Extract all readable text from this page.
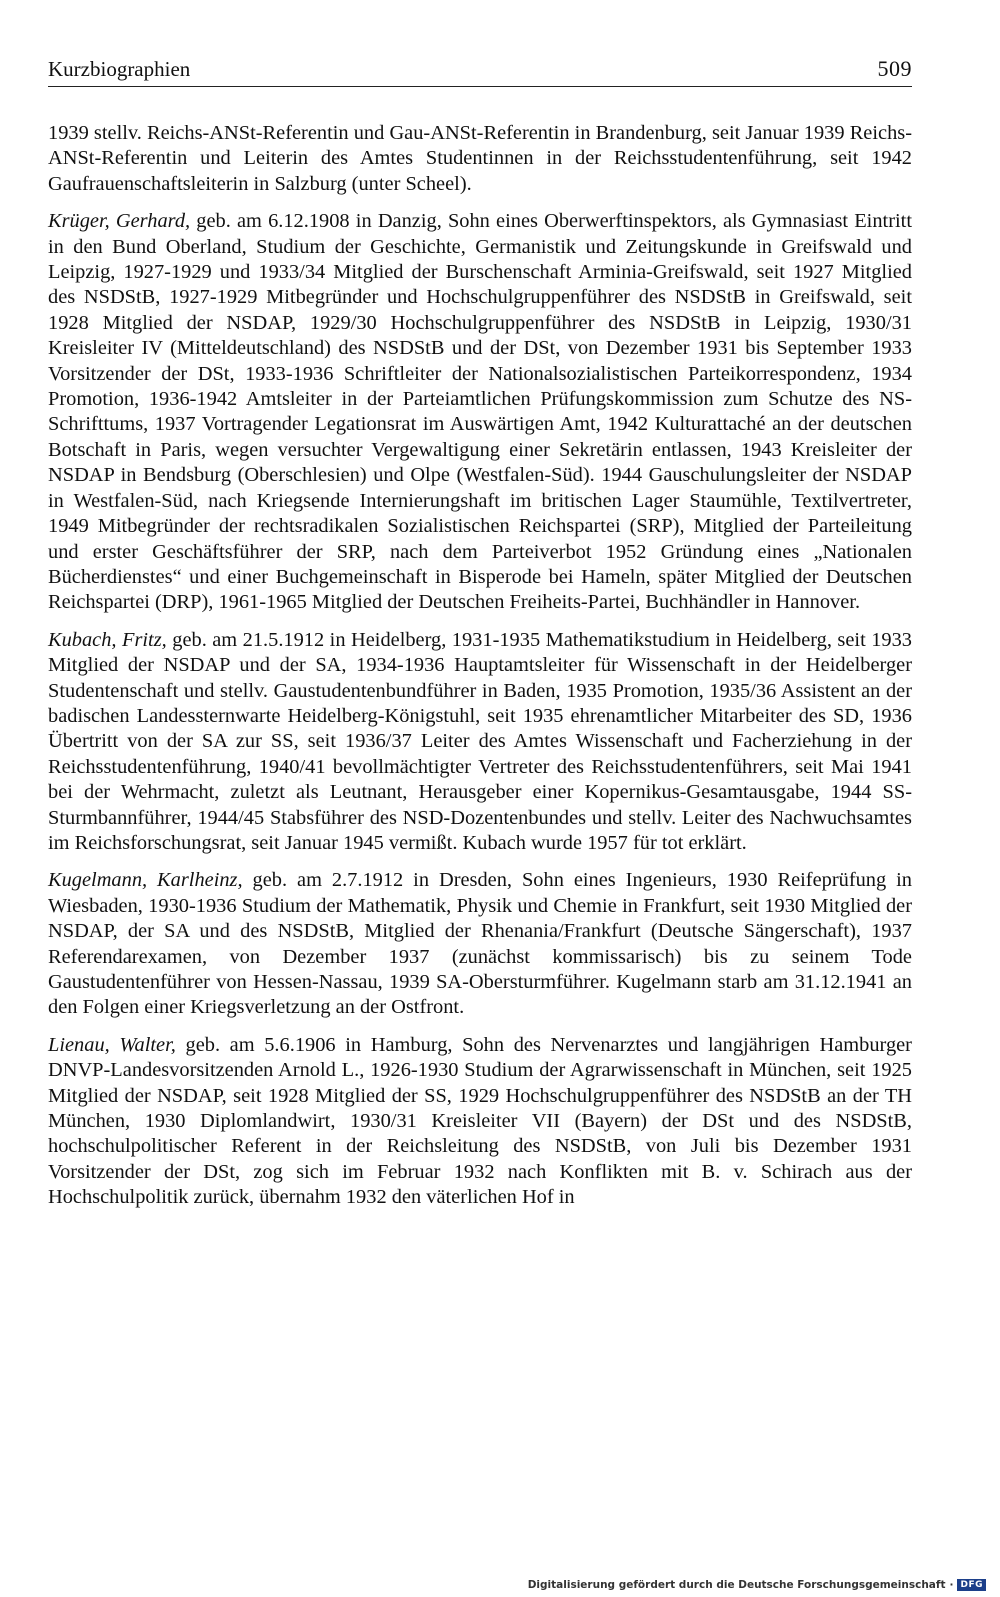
Kurzbiographien	509

1939 stellv. Reichs-ANSt-Referentin und Gau-ANSt-Referentin in Brandenburg, seit Januar 1939 Reichs-ANSt-Referentin und Leiterin des Amtes Studentinnen in der Reichsstudentenführung, seit 1942 Gaufrauenschaftsleiterin in Salzburg (unter Scheel).

Krüger, Gerhard, geb. am 6.12.1908 in Danzig, Sohn eines Oberwerftinspektors, als Gymnasiast Eintritt in den Bund Oberland, Studium der Geschichte, Germanistik und Zeitungskunde in Greifswald und Leipzig, 1927-1929 und 1933/34 Mitglied der Burschenschaft Arminia-Greifswald, seit 1927 Mitglied des NSDStB, 1927-1929 Mitbegründer und Hochschulgruppenführer des NSDStB in Greifswald, seit 1928 Mitglied der NSDAP, 1929/30 Hochschulgruppenführer des NSDStB in Leipzig, 1930/31 Kreisleiter IV (Mitteldeutschland) des NSDStB und der DSt, von Dezember 1931 bis September 1933 Vorsitzender der DSt, 1933-1936 Schriftleiter der Nationalsozialistischen Parteikorrespondenz, 1934 Promotion, 1936-1942 Amtsleiter in der Parteiamtlichen Prüfungskommission zum Schutze des NS-Schrifttums, 1937 Vortragender Legationsrat im Auswärtigen Amt, 1942 Kulturattaché an der deutschen Botschaft in Paris, wegen versuchter Vergewaltigung einer Sekretärin entlassen, 1943 Kreisleiter der NSDAP in Bendsburg (Oberschlesien) und Olpe (Westfalen-Süd). 1944 Gauschulungsleiter der NSDAP in Westfalen-Süd, nach Kriegsende Internierungshaft im britischen Lager Staumühle, Textilvertreter, 1949 Mitbegründer der rechtsradikalen Sozialistischen Reichspartei (SRP), Mitglied der Parteileitung und erster Geschäftsführer der SRP, nach dem Parteiverbot 1952 Gründung eines „Nationalen Bücherdienstes“ und einer Buchgemeinschaft in Bisperode bei Hameln, später Mitglied der Deutschen Reichspartei (DRP), 1961-1965 Mitglied der Deutschen Freiheits-Partei, Buchhändler in Hannover.

Kubach, Fritz, geb. am 21.5.1912 in Heidelberg, 1931-1935 Mathematikstudium in Heidelberg, seit 1933 Mitglied der NSDAP und der SA, 1934-1936 Hauptamtsleiter für Wissenschaft in der Heidelberger Studentenschaft und stellv. Gaustudentenbundführer in Baden, 1935 Promotion, 1935/36 Assistent an der badischen Landessternwarte Heidelberg-Königstuhl, seit 1935 ehrenamtlicher Mitarbeiter des SD, 1936 Übertritt von der SA zur SS, seit 1936/37 Leiter des Amtes Wissenschaft und Facherziehung in der Reichsstudentenführung, 1940/41 bevollmächtigter Vertreter des Reichsstudentenführers, seit Mai 1941 bei der Wehrmacht, zuletzt als Leutnant, Herausgeber einer Kopernikus-Gesamtausgabe, 1944 SS-Sturmbannführer, 1944/45 Stabsführer des NSD-Dozentenbundes und stellv. Leiter des Nachwuchsamtes im Reichsforschungsrat, seit Januar 1945 vermißt. Kubach wurde 1957 für tot erklärt.

Kugelmann, Karlheinz, geb. am 2.7.1912 in Dresden, Sohn eines Ingenieurs, 1930 Reifeprüfung in Wiesbaden, 1930-1936 Studium der Mathematik, Physik und Chemie in Frankfurt, seit 1930 Mitglied der NSDAP, der SA und des NSDStB, Mitglied der Rhenania/Frankfurt (Deutsche Sängerschaft), 1937 Referendarexamen, von Dezember 1937 (zunächst kommissarisch) bis zu seinem Tode Gaustudentenführer von Hessen-Nassau, 1939 SA-Obersturmführer. Kugelmann starb am 31.12.1941 an den Folgen einer Kriegsverletzung an der Ostfront.

Lienau, Walter, geb. am 5.6.1906 in Hamburg, Sohn des Nervenarztes und langjährigen Hamburger DNVP-Landesvorsitzenden Arnold L., 1926-1930 Studium der Agrarwissenschaft in München, seit 1925 Mitglied der NSDAP, seit 1928 Mitglied der SS, 1929 Hochschulgruppenführer des NSDStB an der TH München, 1930 Diplomlandwirt, 1930/31 Kreisleiter VII (Bayern) der DSt und des NSDStB, hochschulpolitischer Referent in der Reichsleitung des NSDStB, von Juli bis Dezember 1931 Vorsitzender der DSt, zog sich im Februar 1932 nach Konflikten mit B. v. Schirach aus der Hochschulpolitik zurück, übernahm 1932 den väterlichen Hof in

Digitalisierung gefördert durch die Deutsche Forschungsgemeinschaft · DFG
